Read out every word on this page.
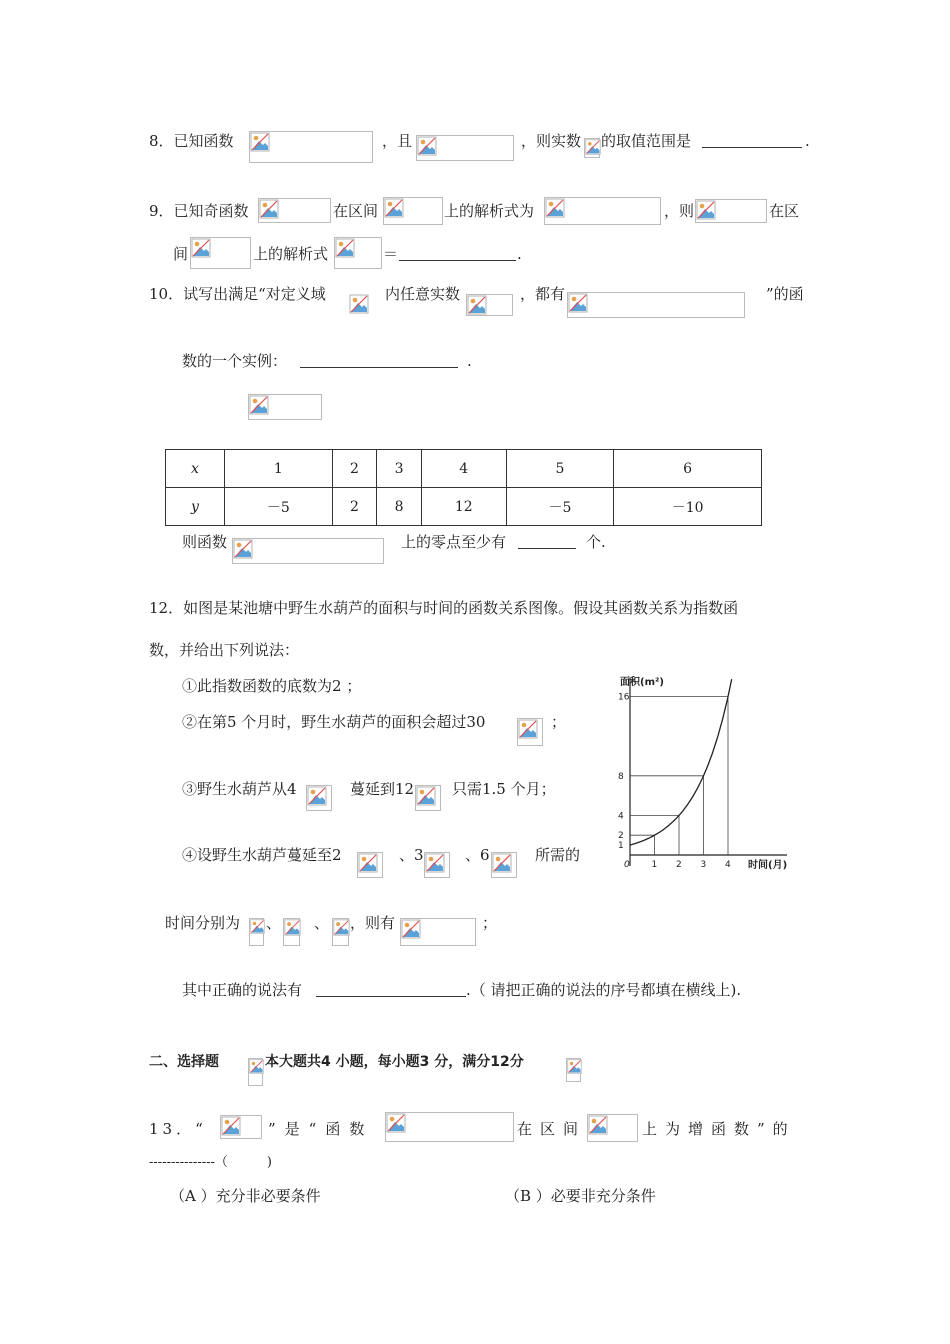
8．已知函数	，且	，则实数 的取值范围是	.
9．已知奇函数	在区间	上的解析式为	，则	在区
间	上的解析式	＝	.
10．试写出满足“对定义域	内任意实数	，都有	”的函
数的一个实例：	.
x	1	2	3	4	5	6
y	－5	2	8	12	－5	－10
则函数	上的零点至少有	个.
12．如图是某池塘中野生水葫芦的面积与时间的函数关系图像。假设其函数关系为指数函
数，并给出下列说法：
①此指数函数的底数为2 ；
②在第5 个月时，野生水葫芦的面积会超过30	；
③野生水葫芦从4	蔓延到12	只需1.5 个月；
④设野生水葫芦蔓延至2	、3	、6	所需的
时间分别为 、 、 ，则有	；
其中正确的说法有	.（ 请把正确的说法的序号都填在横线上).
面积(m²)
时间(月)
1
2
4
8
16
0 1 2 3 4
二、选择题	本大题共4 小题，每小题3 分，满分12分
13．“	”是“函数	在区间	上为增函数”的
---------------（　　　)
（A ）充分非必要条件	（B ）必要非充分条件
